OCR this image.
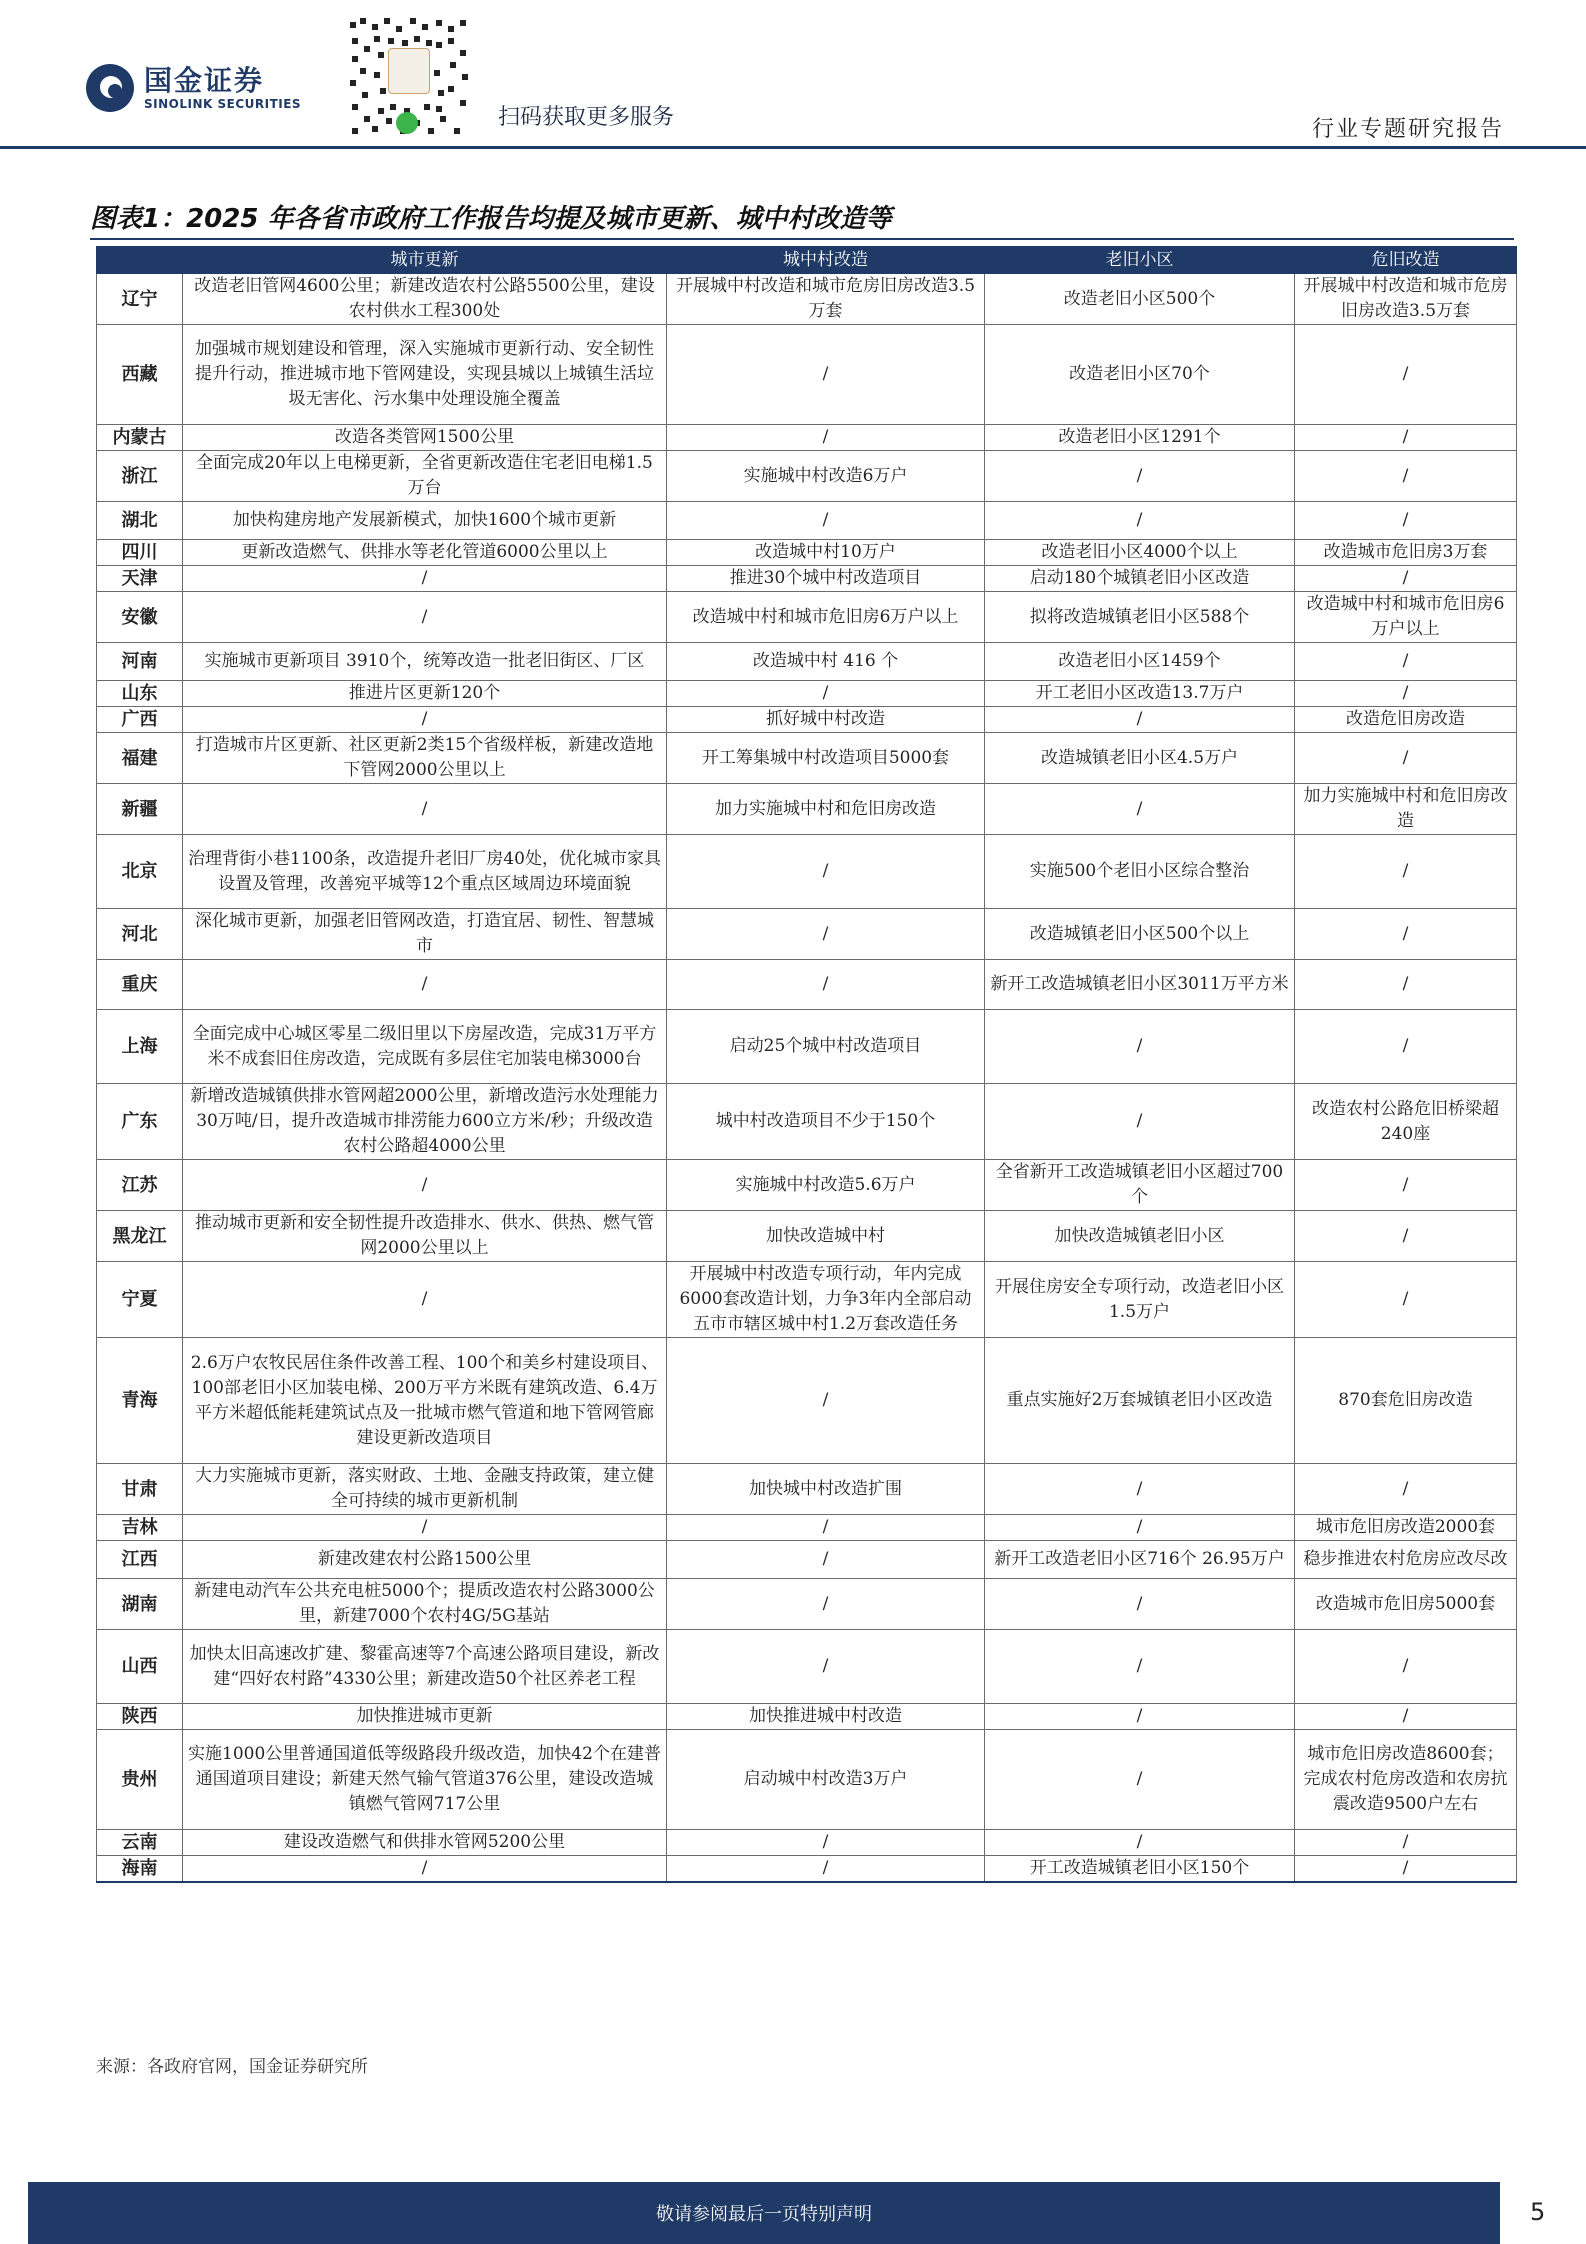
国金证券
SINOLINK SECURITIES
扫码获取更多服务	行业专题研究报告
图表1：2025 年各省市政府工作报告均提及城市更新、城中村改造等
	城市更新	城中村改造	老旧小区	危旧改造
辽宁	改造老旧管网4600公里；新建改造农村公路5500公里，建设农村供水工程300处	开展城中村改造和城市危房旧房改造3.5万套	改造老旧小区500个	开展城中村改造和城市危房旧房改造3.5万套
西藏	加强城市规划建设和管理，深入实施城市更新行动、安全韧性提升行动，推进城市地下管网建设，实现县城以上城镇生活垃圾无害化、污水集中处理设施全覆盖	/	改造老旧小区70个	/
内蒙古	改造各类管网1500公里	/	改造老旧小区1291个	/
浙江	全面完成20年以上电梯更新，全省更新改造住宅老旧电梯1.5万台	实施城中村改造6万户	/	/
湖北	加快构建房地产发展新模式，加快1600个城市更新	/	/	/
四川	更新改造燃气、供排水等老化管道6000公里以上	改造城中村10万户	改造老旧小区4000个以上	改造城市危旧房3万套
天津	/	推进30个城中村改造项目	启动180个城镇老旧小区改造	/
安徽	/	改造城中村和城市危旧房6万户以上	拟将改造城镇老旧小区588个	改造城中村和城市危旧房6万户以上
河南	实施城市更新项目 3910个，统筹改造一批老旧街区、厂区	改造城中村 416 个	改造老旧小区1459个	/
山东	推进片区更新120个	/	开工老旧小区改造13.7万户	/
广西	/	抓好城中村改造	/	改造危旧房改造
福建	打造城市片区更新、社区更新2类15个省级样板，新建改造地下管网2000公里以上	开工筹集城中村改造项目5000套	改造城镇老旧小区4.5万户	/
新疆	/	加力实施城中村和危旧房改造	/	加力实施城中村和危旧房改造
北京	治理背街小巷1100条，改造提升老旧厂房40处，优化城市家具设置及管理，改善宛平城等12个重点区域周边环境面貌	/	实施500个老旧小区综合整治	/
河北	深化城市更新，加强老旧管网改造，打造宜居、韧性、智慧城市	/	改造城镇老旧小区500个以上	/
重庆	/	/	新开工改造城镇老旧小区3011万平方米	/
上海	全面完成中心城区零星二级旧里以下房屋改造，完成31万平方米不成套旧住房改造，完成既有多层住宅加装电梯3000台	启动25个城中村改造项目	/	/
广东	新增改造城镇供排水管网超2000公里，新增改造污水处理能力30万吨/日，提升改造城市排涝能力600立方米/秒；升级改造农村公路超4000公里	城中村改造项目不少于150个	/	改造农村公路危旧桥梁超240座
江苏	/	实施城中村改造5.6万户	全省新开工改造城镇老旧小区超过700个	/
黑龙江	推动城市更新和安全韧性提升改造排水、供水、供热、燃气管网2000公里以上	加快改造城中村	加快改造城镇老旧小区	/
宁夏	/	开展城中村改造专项行动，年内完成6000套改造计划，力争3年内全部启动五市市辖区城中村1.2万套改造任务	开展住房安全专项行动，改造老旧小区1.5万户	/
青海	2.6万户农牧民居住条件改善工程、100个和美乡村建设项目、100部老旧小区加装电梯、200万平方米既有建筑改造、6.4万平方米超低能耗建筑试点及一批城市燃气管道和地下管网管廊建设更新改造项目	/	重点实施好2万套城镇老旧小区改造	870套危旧房改造
甘肃	大力实施城市更新，落实财政、土地、金融支持政策，建立健全可持续的城市更新机制	加快城中村改造扩围	/	/
吉林	/	/	/	城市危旧房改造2000套
江西	新建改建农村公路1500公里	/	新开工改造老旧小区716个 26.95万户	稳步推进农村危房应改尽改
湖南	新建电动汽车公共充电桩5000个；提质改造农村公路3000公里，新建7000个农村4G/5G基站	/	/	改造城市危旧房5000套
山西	加快太旧高速改扩建、黎霍高速等7个高速公路项目建设，新改建“四好农村路”4330公里；新建改造50个社区养老工程	/	/	/
陕西	加快推进城市更新	加快推进城中村改造	/	/
贵州	实施1000公里普通国道低等级路段升级改造，加快42个在建普通国道项目建设；新建天然气输气管道376公里，建设改造城镇燃气管网717公里	启动城中村改造3万户	/	城市危旧房改造8600套；完成农村危房改造和农房抗震改造9500户左右
云南	建设改造燃气和供排水管网5200公里	/	/	/
海南	/	/	开工改造城镇老旧小区150个	/
来源：各政府官网，国金证券研究所
敬请参阅最后一页特别声明	5
